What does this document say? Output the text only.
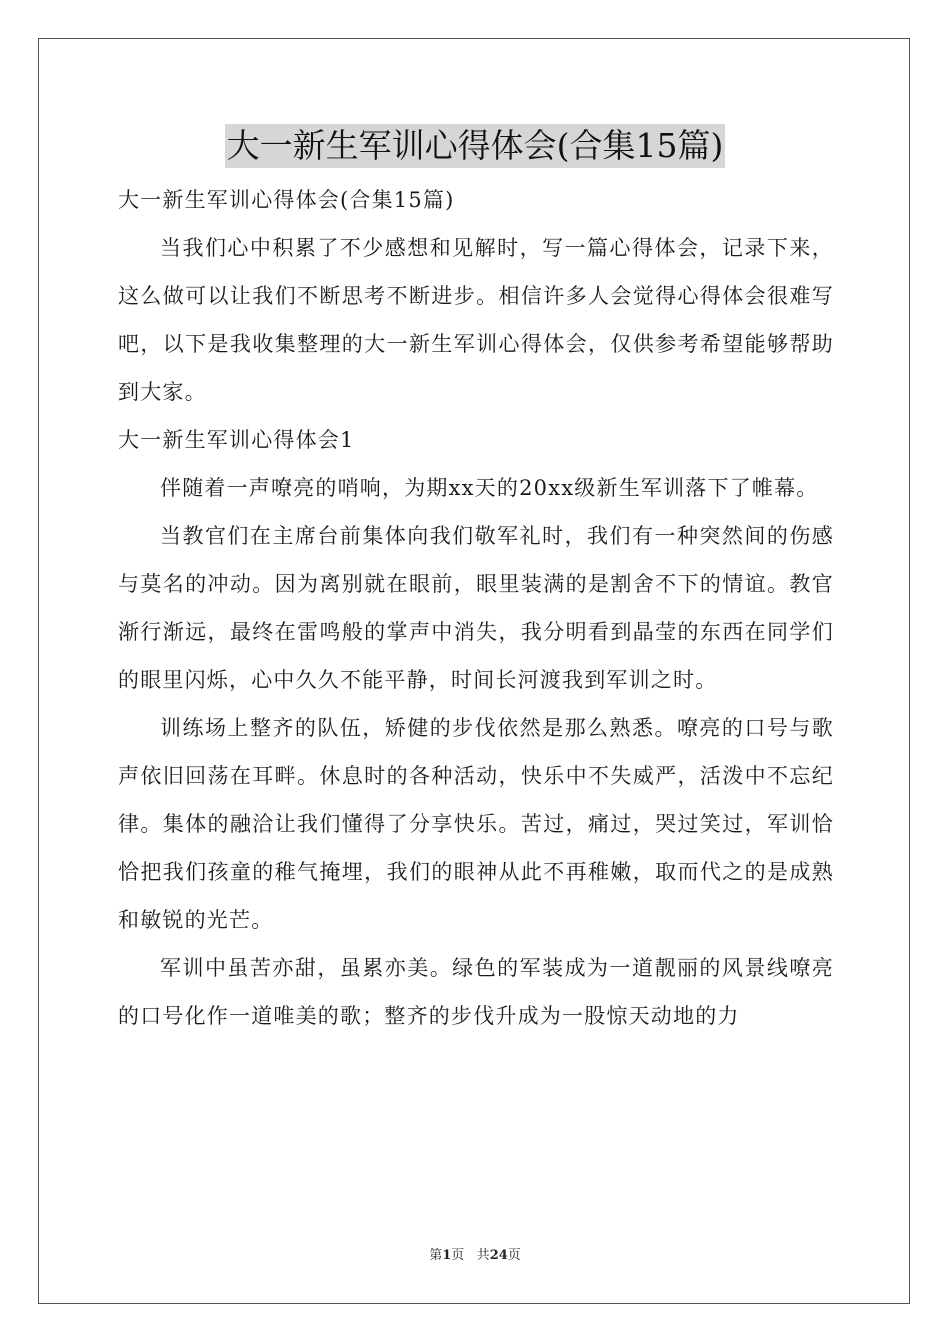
大一新生军训心得体会(合集15篇)

大一新生军训心得体会(合集15篇)

当我们心中积累了不少感想和见解时，写一篇心得体会，记录下来，这么做可以让我们不断思考不断进步。相信许多人会觉得心得体会很难写吧，以下是我收集整理的大一新生军训心得体会，仅供参考希望能够帮助到大家。

大一新生军训心得体会1

伴随着一声嘹亮的哨响，为期xx天的20xx级新生军训落下了帷幕。

当教官们在主席台前集体向我们敬军礼时，我们有一种突然间的伤感与莫名的冲动。因为离别就在眼前，眼里装满的是割舍不下的情谊。教官渐行渐远，最终在雷鸣般的掌声中消失，我分明看到晶莹的东西在同学们的眼里闪烁，心中久久不能平静，时间长河渡我到军训之时。

训练场上整齐的队伍，矫健的步伐依然是那么熟悉。嘹亮的口号与歌声依旧回荡在耳畔。休息时的各种活动，快乐中不失威严，活泼中不忘纪律。集体的融洽让我们懂得了分享快乐。苦过，痛过，哭过笑过，军训恰恰把我们孩童的稚气掩埋，我们的眼神从此不再稚嫩，取而代之的是成熟和敏锐的光芒。

军训中虽苦亦甜，虽累亦美。绿色的军装成为一道靓丽的风景线嘹亮的口号化作一道唯美的歌；整齐的步伐升成为一股惊天动地的力

第1页 共24页
